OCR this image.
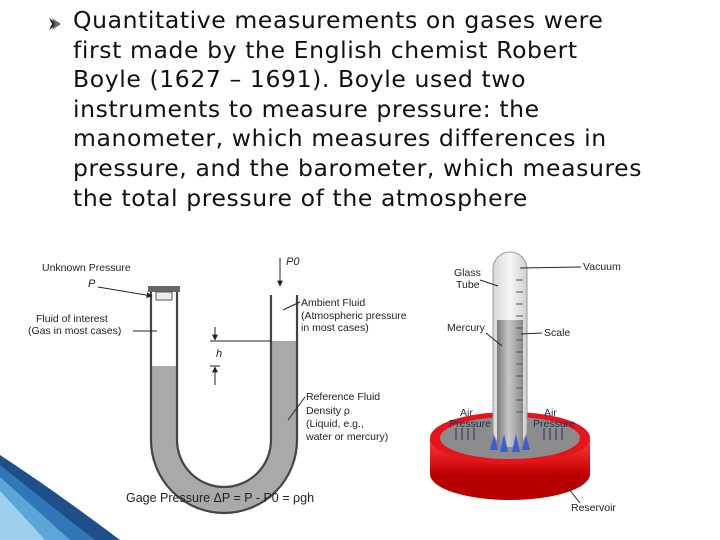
Quantitative measurements on gases were
first made by the English chemist Robert
Boyle (1627 – 1691). Boyle used two
instruments to measure pressure: the
manometer, which measures differences in
pressure, and the barometer, which measures
the total pressure of the atmosphere
h
P0
Unknown Pressure
P
Fluid of interest
(Gas in most cases)
Ambient Fluid
(Atmospheric pressure
in most cases)
Reference Fluid
Density ρ
(Liquid, e.g.,
water or mercury)
Gage Pressure ΔP = P - P0 = ρgh
Air
Pressure
Air
Pressure
Glass
Tube
Vacuum
Mercury	Scale
Reservoir
